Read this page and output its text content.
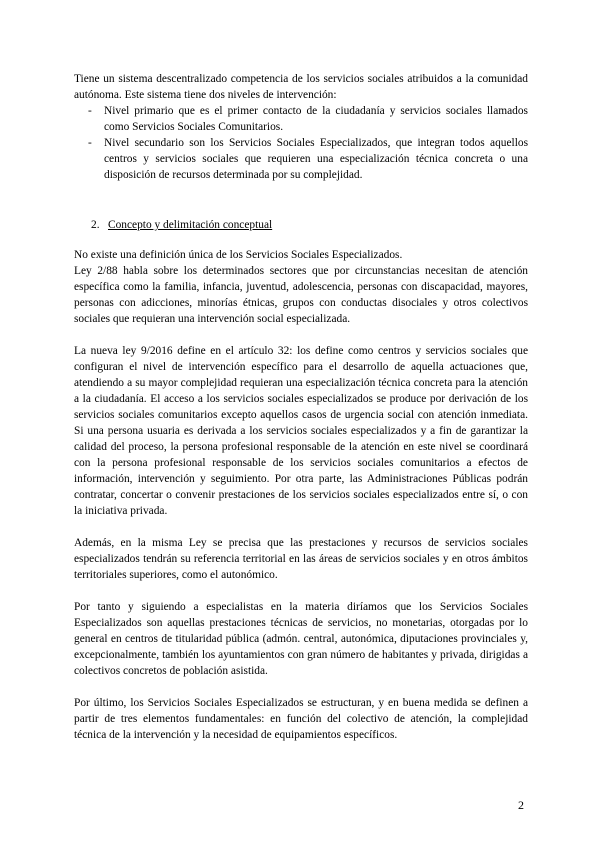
Tiene un sistema descentralizado competencia de los servicios sociales atribuidos a la comunidad autónoma. Este sistema tiene dos niveles de intervención:

- Nivel primario que es el primer contacto de la ciudadanía y servicios sociales llamados como Servicios Sociales Comunitarios.
- Nivel secundario son los Servicios Sociales Especializados, que integran todos aquellos centros y servicios sociales que requieren una especialización técnica concreta o una disposición de recursos determinada por su complejidad.
2. Concepto y delimitación conceptual

No existe una definición única de los Servicios Sociales Especializados.

Ley 2/88 habla sobre los determinados sectores que por circunstancias necesitan de atención específica como la familia, infancia, juventud, adolescencia, personas con discapacidad, mayores, personas con adicciones, minorías étnicas, grupos con conductas disociales y otros colectivos sociales que requieran una intervención social especializada.

La nueva ley 9/2016 define en el artículo 32: los define como centros y servicios sociales que configuran el nivel de intervención específico para el desarrollo de aquella actuaciones que, atendiendo a su mayor complejidad requieran una especialización técnica concreta para la atención a la ciudadanía. El acceso a los servicios sociales especializados se produce por derivación de los servicios sociales comunitarios excepto aquellos casos de urgencia social con atención inmediata. Si una persona usuaria es derivada a los servicios sociales especializados y a fin de garantizar la calidad del proceso, la persona profesional responsable de la atención en este nivel se coordinará con la persona profesional responsable de los servicios sociales comunitarios a efectos de información, intervención y seguimiento. Por otra parte, las Administraciones Públicas podrán contratar, concertar o convenir prestaciones de los servicios sociales especializados entre sí, o con la iniciativa privada.

Además, en la misma Ley se precisa que las prestaciones y recursos de servicios sociales especializados tendrán su referencia territorial en las áreas de servicios sociales y en otros ámbitos territoriales superiores, como el autonómico.

Por tanto y siguiendo a especialistas en la materia diríamos que los Servicios Sociales Especializados son aquellas prestaciones técnicas de servicios, no monetarias, otorgadas por lo general en centros de titularidad pública (admón. central, autonómica, diputaciones provinciales y, excepcionalmente, también los ayuntamientos con gran número de habitantes y privada, dirigidas a colectivos concretos de población asistida.

Por último, los Servicios Sociales Especializados se estructuran, y en buena medida se definen a partir de tres elementos fundamentales: en función del colectivo de atención, la complejidad técnica de la intervención y la necesidad de equipamientos específicos.

2
